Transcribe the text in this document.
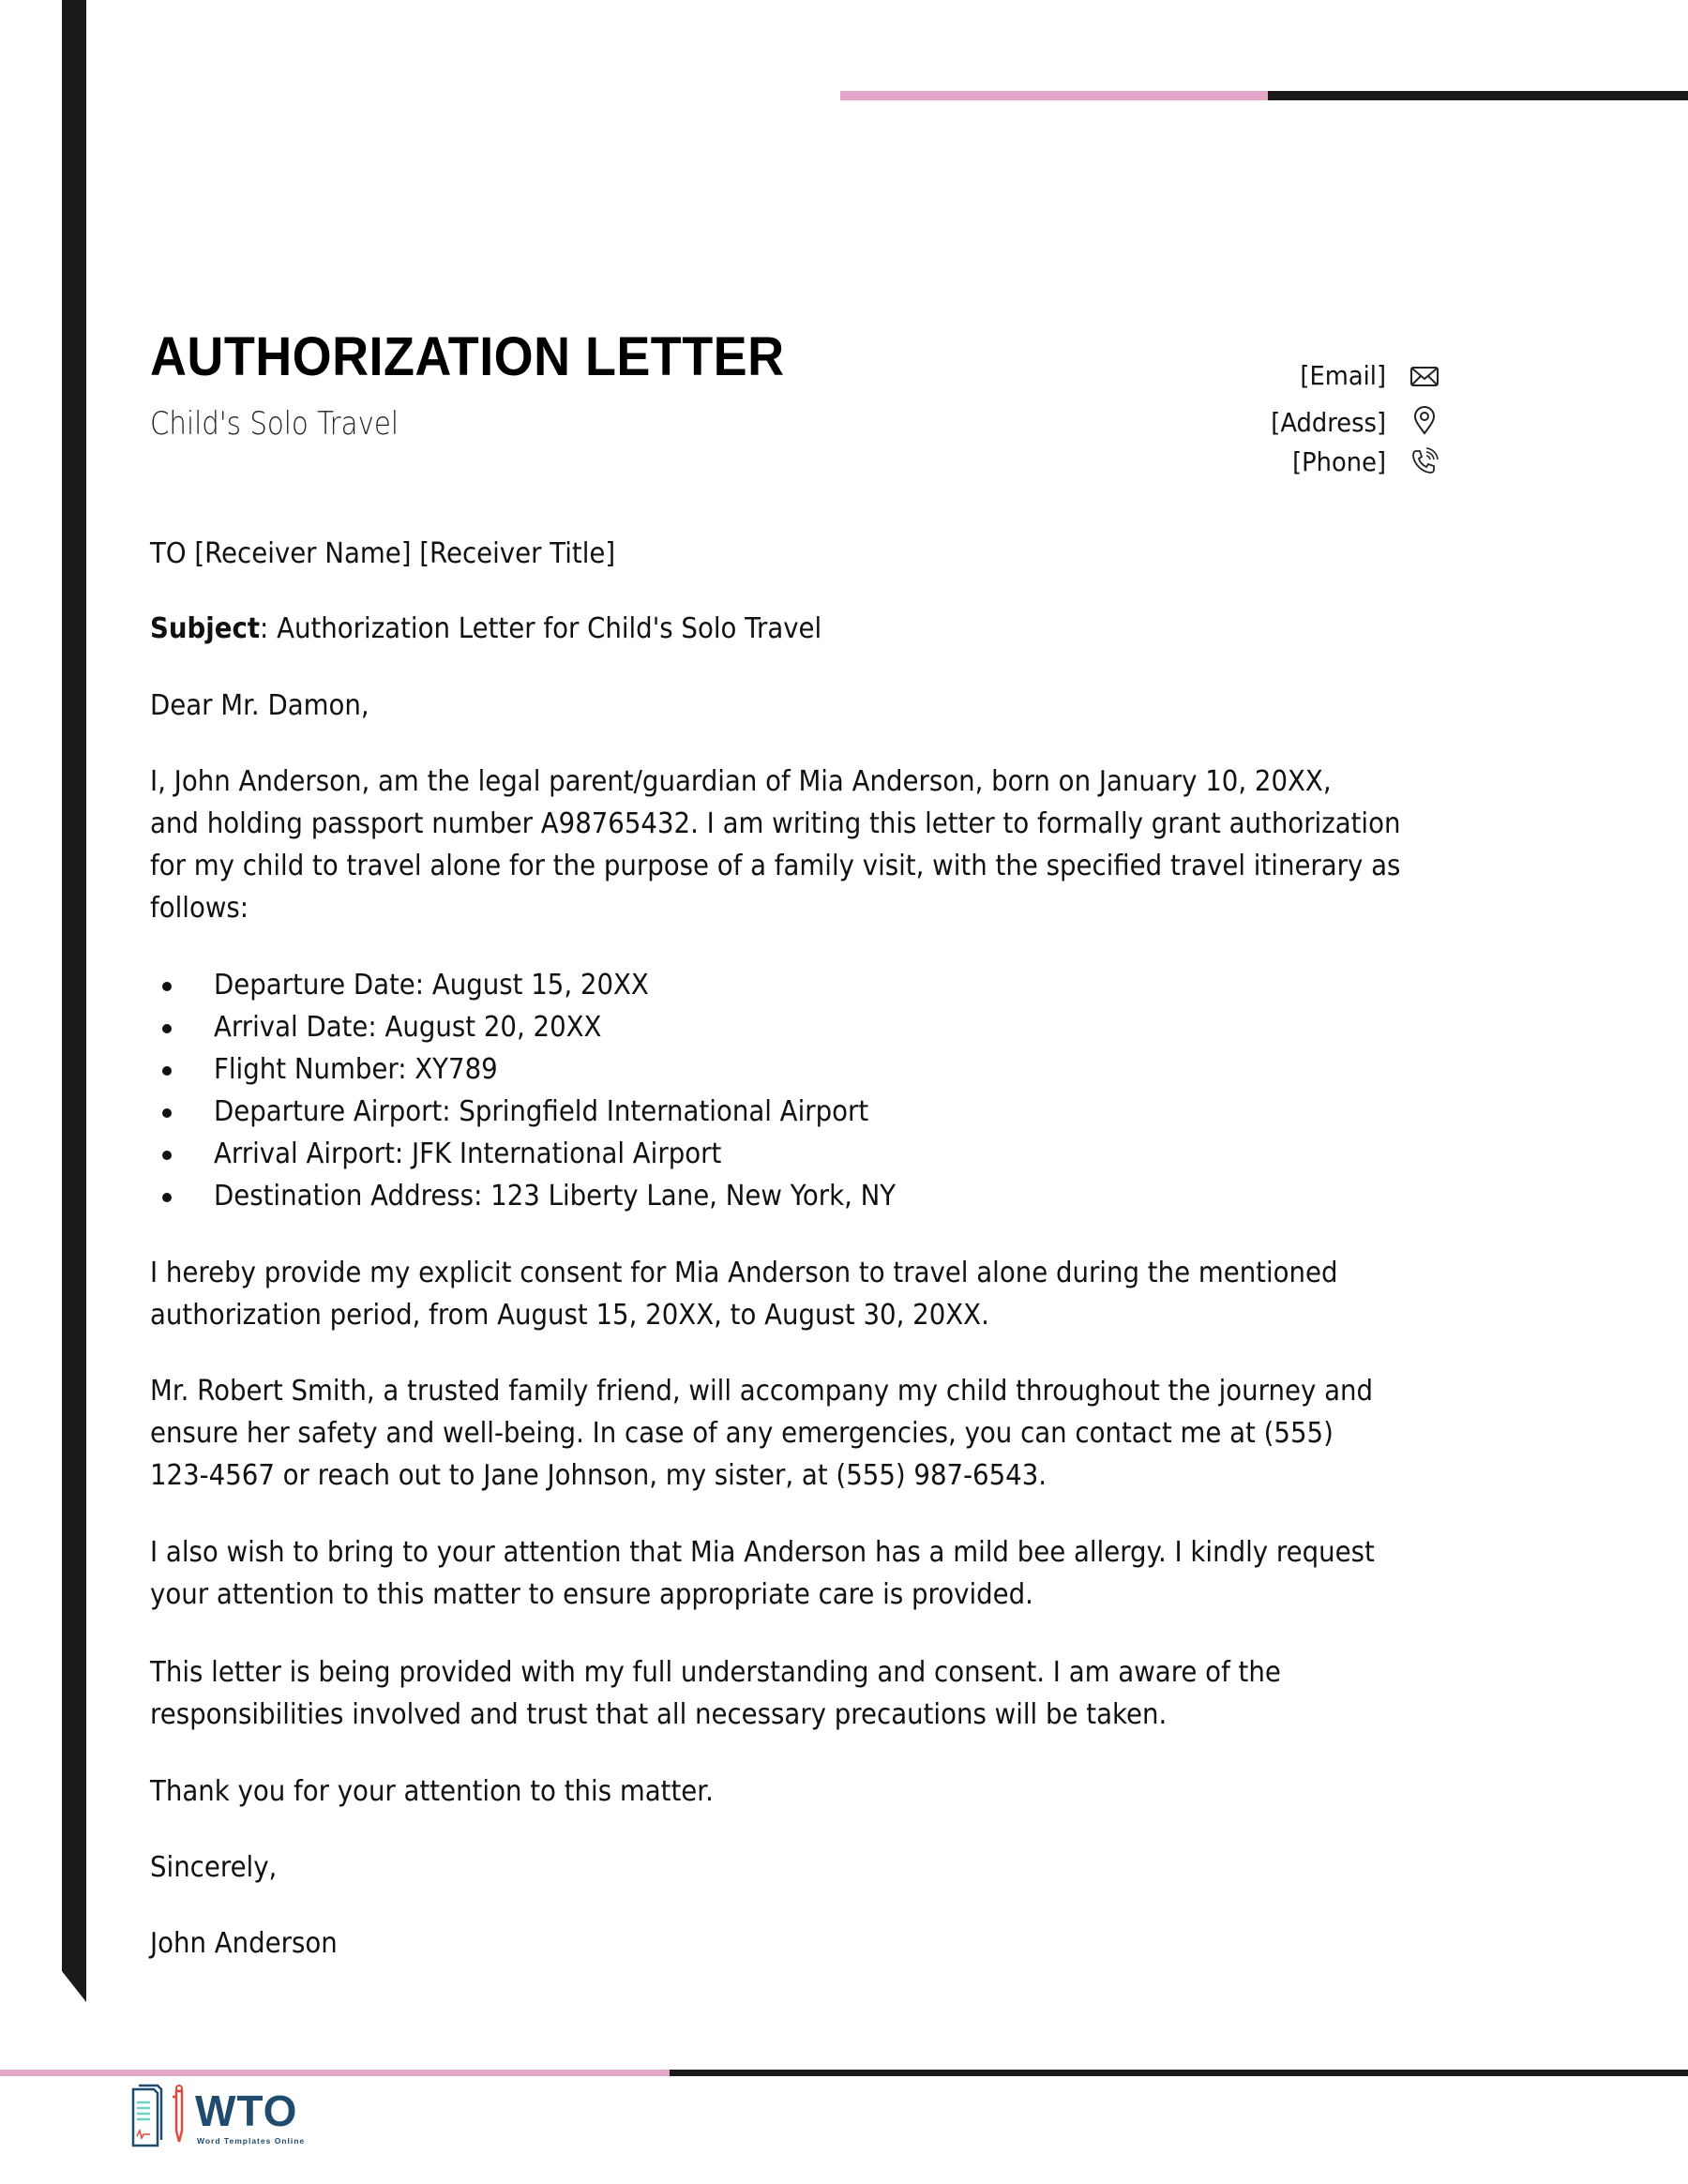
AUTHORIZATION LETTER
Child's Solo Travel
[Email]
[Address]
[Phone]
TO [Receiver Name] [Receiver Title]
Subject: Authorization Letter for Child's Solo Travel
Dear Mr. Damon,
I, John Anderson, am the legal parent/guardian of Mia Anderson, born on January 10, 20XX,
and holding passport number A98765432. I am writing this letter to formally grant authorization
for my child to travel alone for the purpose of a family visit, with the specified travel itinerary as
follows:
Departure Date: August 15, 20XX
Arrival Date: August 20, 20XX
Flight Number: XY789
Departure Airport: Springfield International Airport
Arrival Airport: JFK International Airport
Destination Address: 123 Liberty Lane, New York, NY
I hereby provide my explicit consent for Mia Anderson to travel alone during the mentioned
authorization period, from August 15, 20XX, to August 30, 20XX.
Mr. Robert Smith, a trusted family friend, will accompany my child throughout the journey and
ensure her safety and well-being. In case of any emergencies, you can contact me at (555)
123-4567 or reach out to Jane Johnson, my sister, at (555) 987-6543.
I also wish to bring to your attention that Mia Anderson has a mild bee allergy. I kindly request
your attention to this matter to ensure appropriate care is provided.
This letter is being provided with my full understanding and consent. I am aware of the
responsibilities involved and trust that all necessary precautions will be taken.
Thank you for your attention to this matter.
Sincerely,
John Anderson
WTO
Word Templates Online
